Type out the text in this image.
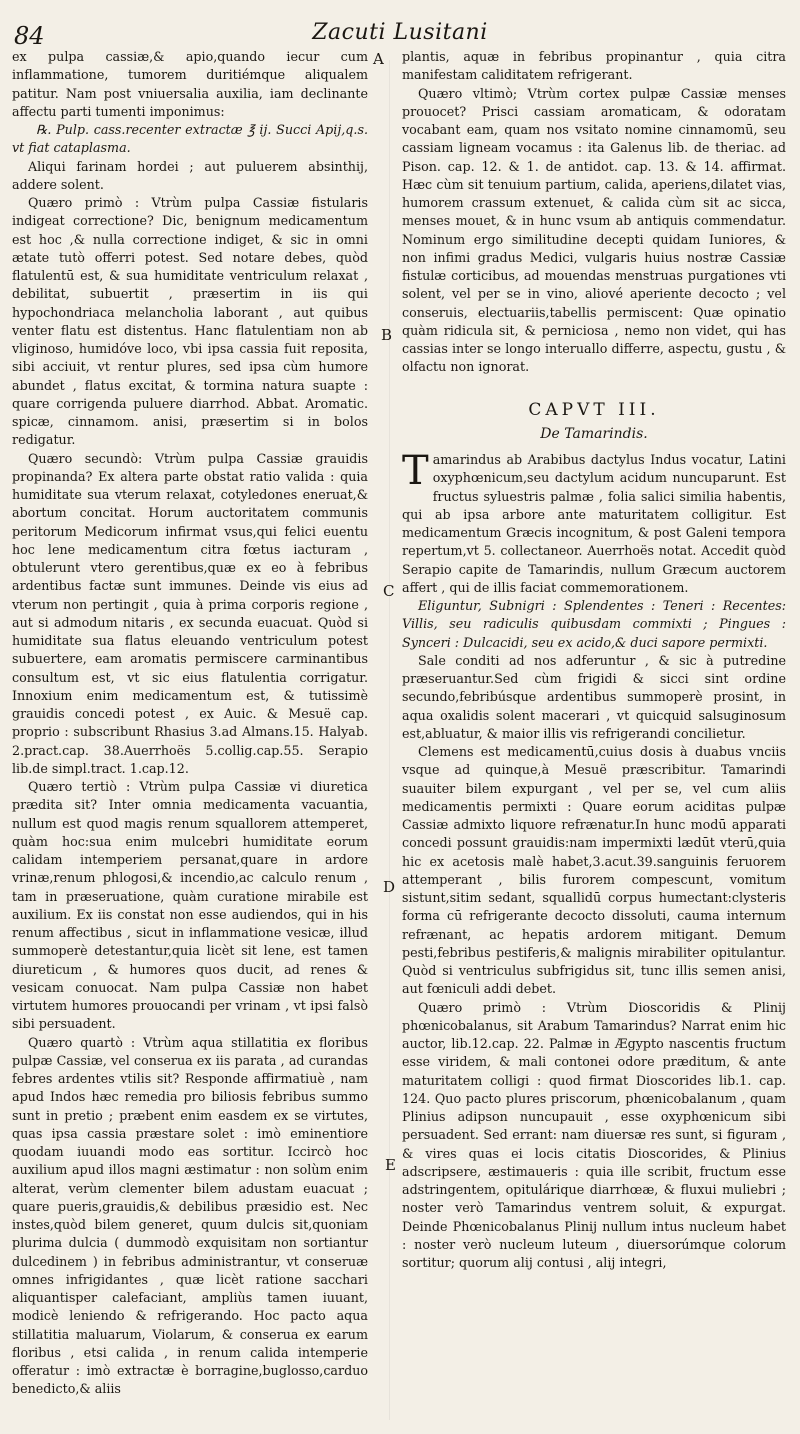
84	Zacuti Lusitani
A
B
C
D
E

ex pulpa cassiæ,& apio,quando iecur cum inflammatione, tumorem duritiémque aliqualem patitur. Nam post vniuersalia auxilia, iam declinante affectu parti tumenti imponimus:

℞. Pulp. cass.recenter extractæ ℥ ij. Succi Apij,q.s. vt fiat cataplasma.

Aliqui farinam hordei ; aut puluerem absinthij, addere solent.

Quæro primò : Vtrùm pulpa Cassiæ fistularis indigeat correctione? Dic, benignum medicamentum est hoc ,& nulla correctione indiget, & sic in omni ætate tutò offerri potest. Sed notare debes, quòd flatulentū est, & sua humiditate ventriculum relaxat , debilitat, subuertit , præsertim in iis qui hypochondriaca melancholia laborant , aut quibus venter flatu est distentus. Hanc flatulentiam non ab vliginoso, humidóve loco, vbi ipsa cassia fuit reposita, sibi acciuit, vt rentur plures, sed ipsa cùm humore abundet , flatus excitat, & tormina natura suapte : quare corrigenda puluere diarrhod. Abbat. Aromatic. spicæ, cinnamom. anisi, præsertim si in bolos redigatur.

Quæro secundò: Vtrùm pulpa Cassiæ grauidis propinanda? Ex altera parte obstat ratio valida : quia humiditate sua vterum relaxat, cotyledones eneruat,& abortum concitat. Horum auctoritatem communis peritorum Medicorum infirmat vsus,qui felici euentu hoc lene medicamentum citra fœtus iacturam , obtulerunt vtero gerentibus,quæ ex eo à febribus ardentibus factæ sunt immunes. Deinde vis eius ad vterum non pertingit , quia à prima corporis regione , aut si admodum nitaris , ex secunda euacuat. Quòd si humiditate sua flatus eleuando ventriculum potest subuertere, eam aromatis permiscere carminantibus consultum est, vt sic eius flatulentia corrigatur. Innoxium enim medicamentum est, & tutissimè grauidis concedi potest , ex Auic. & Mesuë cap. proprio : subscribunt Rhasius 3.ad Almans.15. Halyab. 2.pract.cap. 38.Auerrhoës 5.collig.cap.55. Serapio lib.de simpl.tract. 1.cap.12.

Quæro tertiò : Vtrùm pulpa Cassiæ vi diuretica prædita sit? Inter omnia medicamenta vacuantia, nullum est quod magis renum squallorem attemperet, quàm hoc:sua enim mulcebri humiditate eorum calidam intemperiem persanat,quare in ardore vrinæ,renum phlogosi,& incendio,ac calculo renum , tam in præseruatione, quàm curatione mirabile est auxilium. Ex iis constat non esse audiendos, qui in his renum affectibus , sicut in inflammatione vesicæ, illud summoperè detestantur,quia licèt sit lene, est tamen diureticum , & humores quos ducit, ad renes & vesicam conuocat. Nam pulpa Cassiæ non habet virtutem humores prouocandi per vrinam , vt ipsi falsò sibi persuadent.

Quæro quartò : Vtrùm aqua stillatitia ex floribus pulpæ Cassiæ, vel conserua ex iis parata , ad curandas febres ardentes vtilis sit? Responde affirmatiuè , nam apud Indos hæc remedia pro biliosis febribus summo sunt in pretio ; præbent enim easdem ex se virtutes, quas ipsa cassia præstare solet : imò eminentiore quodam iuuandi modo eas sortitur. Iccircò hoc auxilium apud illos magni æstimatur : non solùm enim alterat, verùm clementer bilem adustam euacuat ; quare pueris,grauidis,& debilibus præsidio est. Nec instes,quòd bilem generet, quum dulcis sit,quoniam plurima dulcia ( dummodò exquisitam non sortiantur dulcedinem ) in febribus administrantur, vt conseruæ omnes infrigidantes , quæ licèt ratione sacchari aliquantisper calefaciant, ampliùs tamen iuuant, modicè leniendo & refrigerando. Hoc pacto aqua stillatitia maluarum, Violarum, & conserua ex earum floribus , etsi calida , in renum calida intemperie offeratur : imò extractæ è borragine,buglosso,carduo benedicto,& aliis

plantis, aquæ in febribus propinantur , quia citra manifestam caliditatem refrigerant.

Quæro vltimò; Vtrùm cortex pulpæ Cassiæ menses prouocet? Prisci cassiam aromaticam, & odoratam vocabant eam, quam nos vsitato nomine cinnamomū, seu cassiam ligneam vocamus : ita Galenus lib. de theriac. ad Pison. cap. 12. & 1. de antidot. cap. 13. & 14. affirmat. Hæc cùm sit tenuium partium, calida, aperiens,dilatet vias, humorem crassum extenuet, & calida cùm sit ac sicca, menses mouet, & in hunc vsum ab antiquis commendatur. Nominum ergo similitudine decepti quidam Iuniores, & non infimi gradus Medici, vulgaris huius nostræ Cassiæ fistulæ corticibus, ad mouendas menstruas purgationes vti solent, vel per se in vino, aliové aperiente decocto ; vel conseruis, electuariis,tabellis permiscent: Quæ opinatio quàm ridicula sit, & perniciosa , nemo non videt, qui has cassias inter se longo interuallo differre, aspectu, gustu , & olfactu non ignorat.

CAPVT III.
De Tamarindis.

Tamarindus ab Arabibus dactylus Indus vocatur, Latini oxyphœnicum,seu dactylum acidum nuncuparunt. Est fructus syluestris palmæ , folia salici similia habentis, qui ab ipsa arbore ante maturitatem colligitur. Est medicamentum Græcis incognitum, & post Galeni tempora repertum,vt 5. collectaneor. Auerrhoës notat. Accedit quòd Serapio capite de Tamarindis, nullum Græcum auctorem affert , qui de illis faciat commemorationem.

Eliguntur, Subnigri : Splendentes : Teneri : Recentes: Villis, seu radiculis quibusdam commixti ; Pingues : Synceri : Dulcacidi, seu ex acido,& duci sapore permixti.

Sale conditi ad nos adferuntur , & sic à putredine præseruantur.Sed cùm frigidi & sicci sint ordine secundo,febribúsque ardentibus summoperè prosint, in aqua oxalidis solent macerari , vt quicquid salsuginosum est,abluatur, & maior illis vis refrigerandi concilietur.

Clemens est medicamentū,cuius dosis à duabus vnciis vsque ad quinque,à Mesuë præscribitur. Tamarindi suauiter bilem expurgant , vel per se, vel cum aliis medicamentis permixti : Quare eorum aciditas pulpæ Cassiæ admixto liquore refrænatur.In hunc modū apparati concedi possunt grauidis:nam impermixti lædūt vterū,quia hic ex acetosis malè habet,3.acut.39.sanguinis feruorem attemperant , bilis furorem compescunt, vomitum sistunt,sitim sedant, squallidū corpus humectant:clysteris forma cū refrigerante decocto dissoluti, cauma internum refrænant, ac hepatis ardorem mitigant. Demum pesti,febribus pestiferis,& malignis mirabiliter opitulantur. Quòd si ventriculus subfrigidus sit, tunc illis semen anisi, aut fœniculi addi debet.

Quæro primò : Vtrùm Dioscoridis & Plinij phœnicobalanus, sit Arabum Tamarindus? Narrat enim hic auctor, lib.12.cap. 22. Palmæ in Ægypto nascentis fructum esse viridem, & mali contonei odore præditum, & ante maturitatem colligi : quod firmat Dioscorides lib.1. cap. 124. Quo pacto plures priscorum, phœnicobalanum , quam Plinius adipson nuncupauit , esse oxyphœnicum sibi persuadent. Sed errant: nam diuersæ res sunt, si figuram , & vires quas ei locis citatis Dioscorides, & Plinius adscripsere, æstimaueris : quia ille scribit, fructum esse adstringentem, opitulárique diarrhœæ, & fluxui muliebri ; noster verò Tamarindus ventrem soluit, & expurgat. Deinde Phœnicobalanus Plinij nullum intus nucleum habet : noster verò nucleum luteum , diuersorúmque colorum sortitur; quorum alij contusi , alij integri,
